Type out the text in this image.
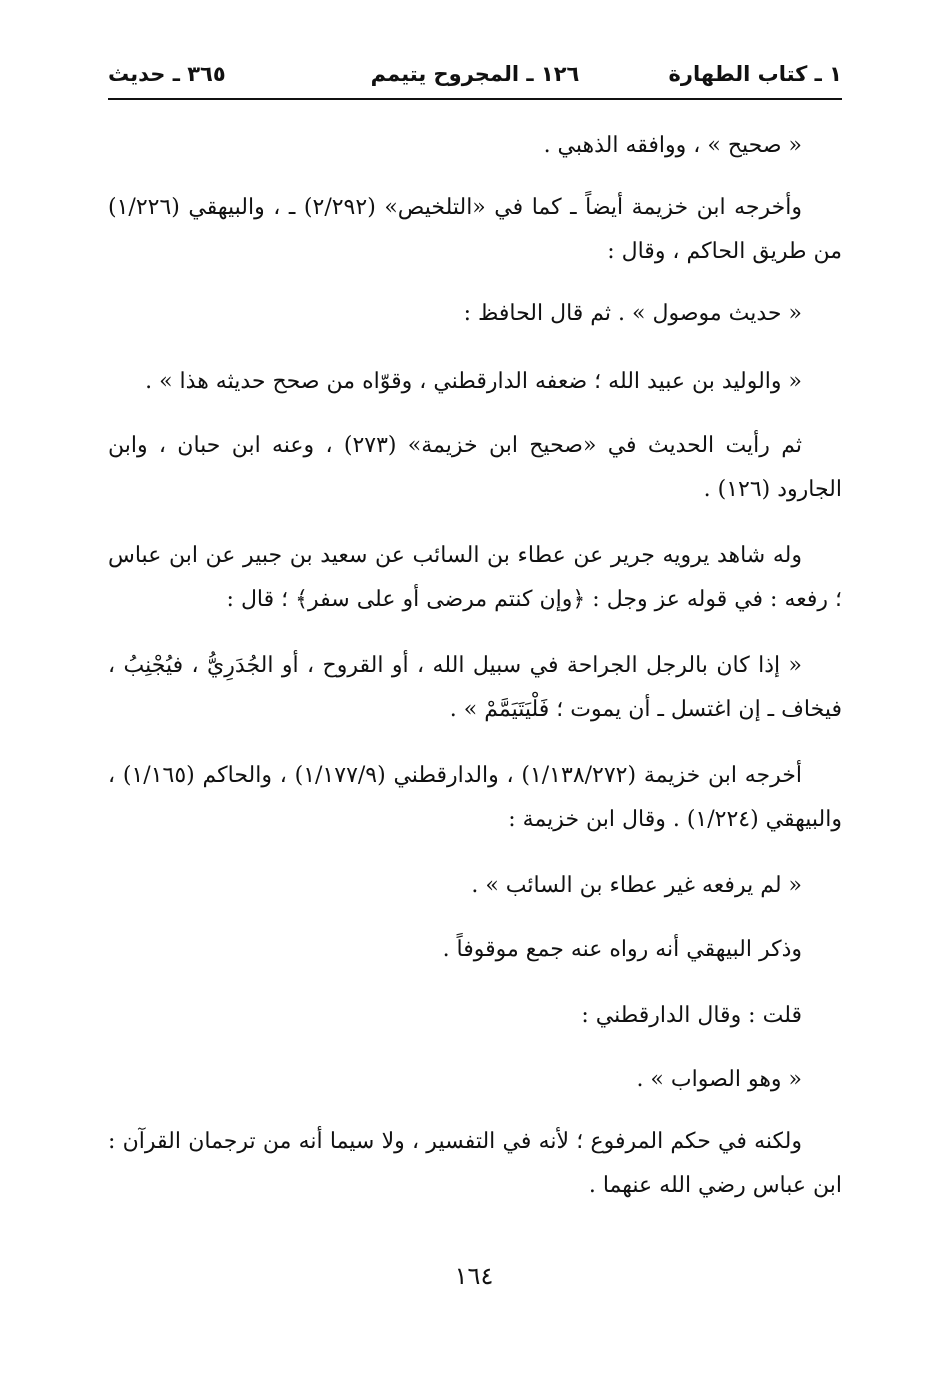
١ ـ كتاب الطهارة
١٢٦ ـ المجروح يتيمم
٣٦٥ ـ حديث

« صحيح » ، ووافقه الذهبي .

وأخرجه ابن خزيمة أيضاً ـ كما في «التلخيص» (٢/٢٩٢) ـ ، والبيهقي (١/٢٢٦) من طريق الحاكم ، وقال :

« حديث موصول » . ثم قال الحافظ :

« والوليد بن عبيد الله ؛ ضعفه الدارقطني ، وقوّاه من صحح حديثه هذا » .

ثم رأيت الحديث في «صحيح ابن خزيمة» (٢٧٣) ، وعنه ابن حبان ، وابن الجارود (١٢٦) .

وله شاهد يرويه جرير عن عطاء بن السائب عن سعيد بن جبير عن ابن عباس ؛ رفعه : في قوله عز وجل : ﴿وإن كنتم مرضى أو على سفر﴾ ؛ قال :

« إذا كان بالرجل الجراحة في سبيل الله ، أو القروح ، أو الجُدَرِيُّ ، فيُجْنِبُ ، فيخاف ـ إن اغتسل ـ أن يموت ؛ فَلْيَتَيَمَّمْ » .

أخرجه ابن خزيمة (١/١٣٨/٢٧٢) ، والدارقطني (١/١٧٧/٩) ، والحاكم (١/١٦٥) ، والبيهقي (١/٢٢٤) . وقال ابن خزيمة :

« لم يرفعه غير عطاء بن السائب » .

وذكر البيهقي أنه رواه عنه جمع موقوفاً .

قلت : وقال الدارقطني :

« وهو الصواب » .

ولكنه في حكم المرفوع ؛ لأنه في التفسير ، ولا سيما أنه من ترجمان القرآن : ابن عباس رضي الله عنهما .

١٦٤
